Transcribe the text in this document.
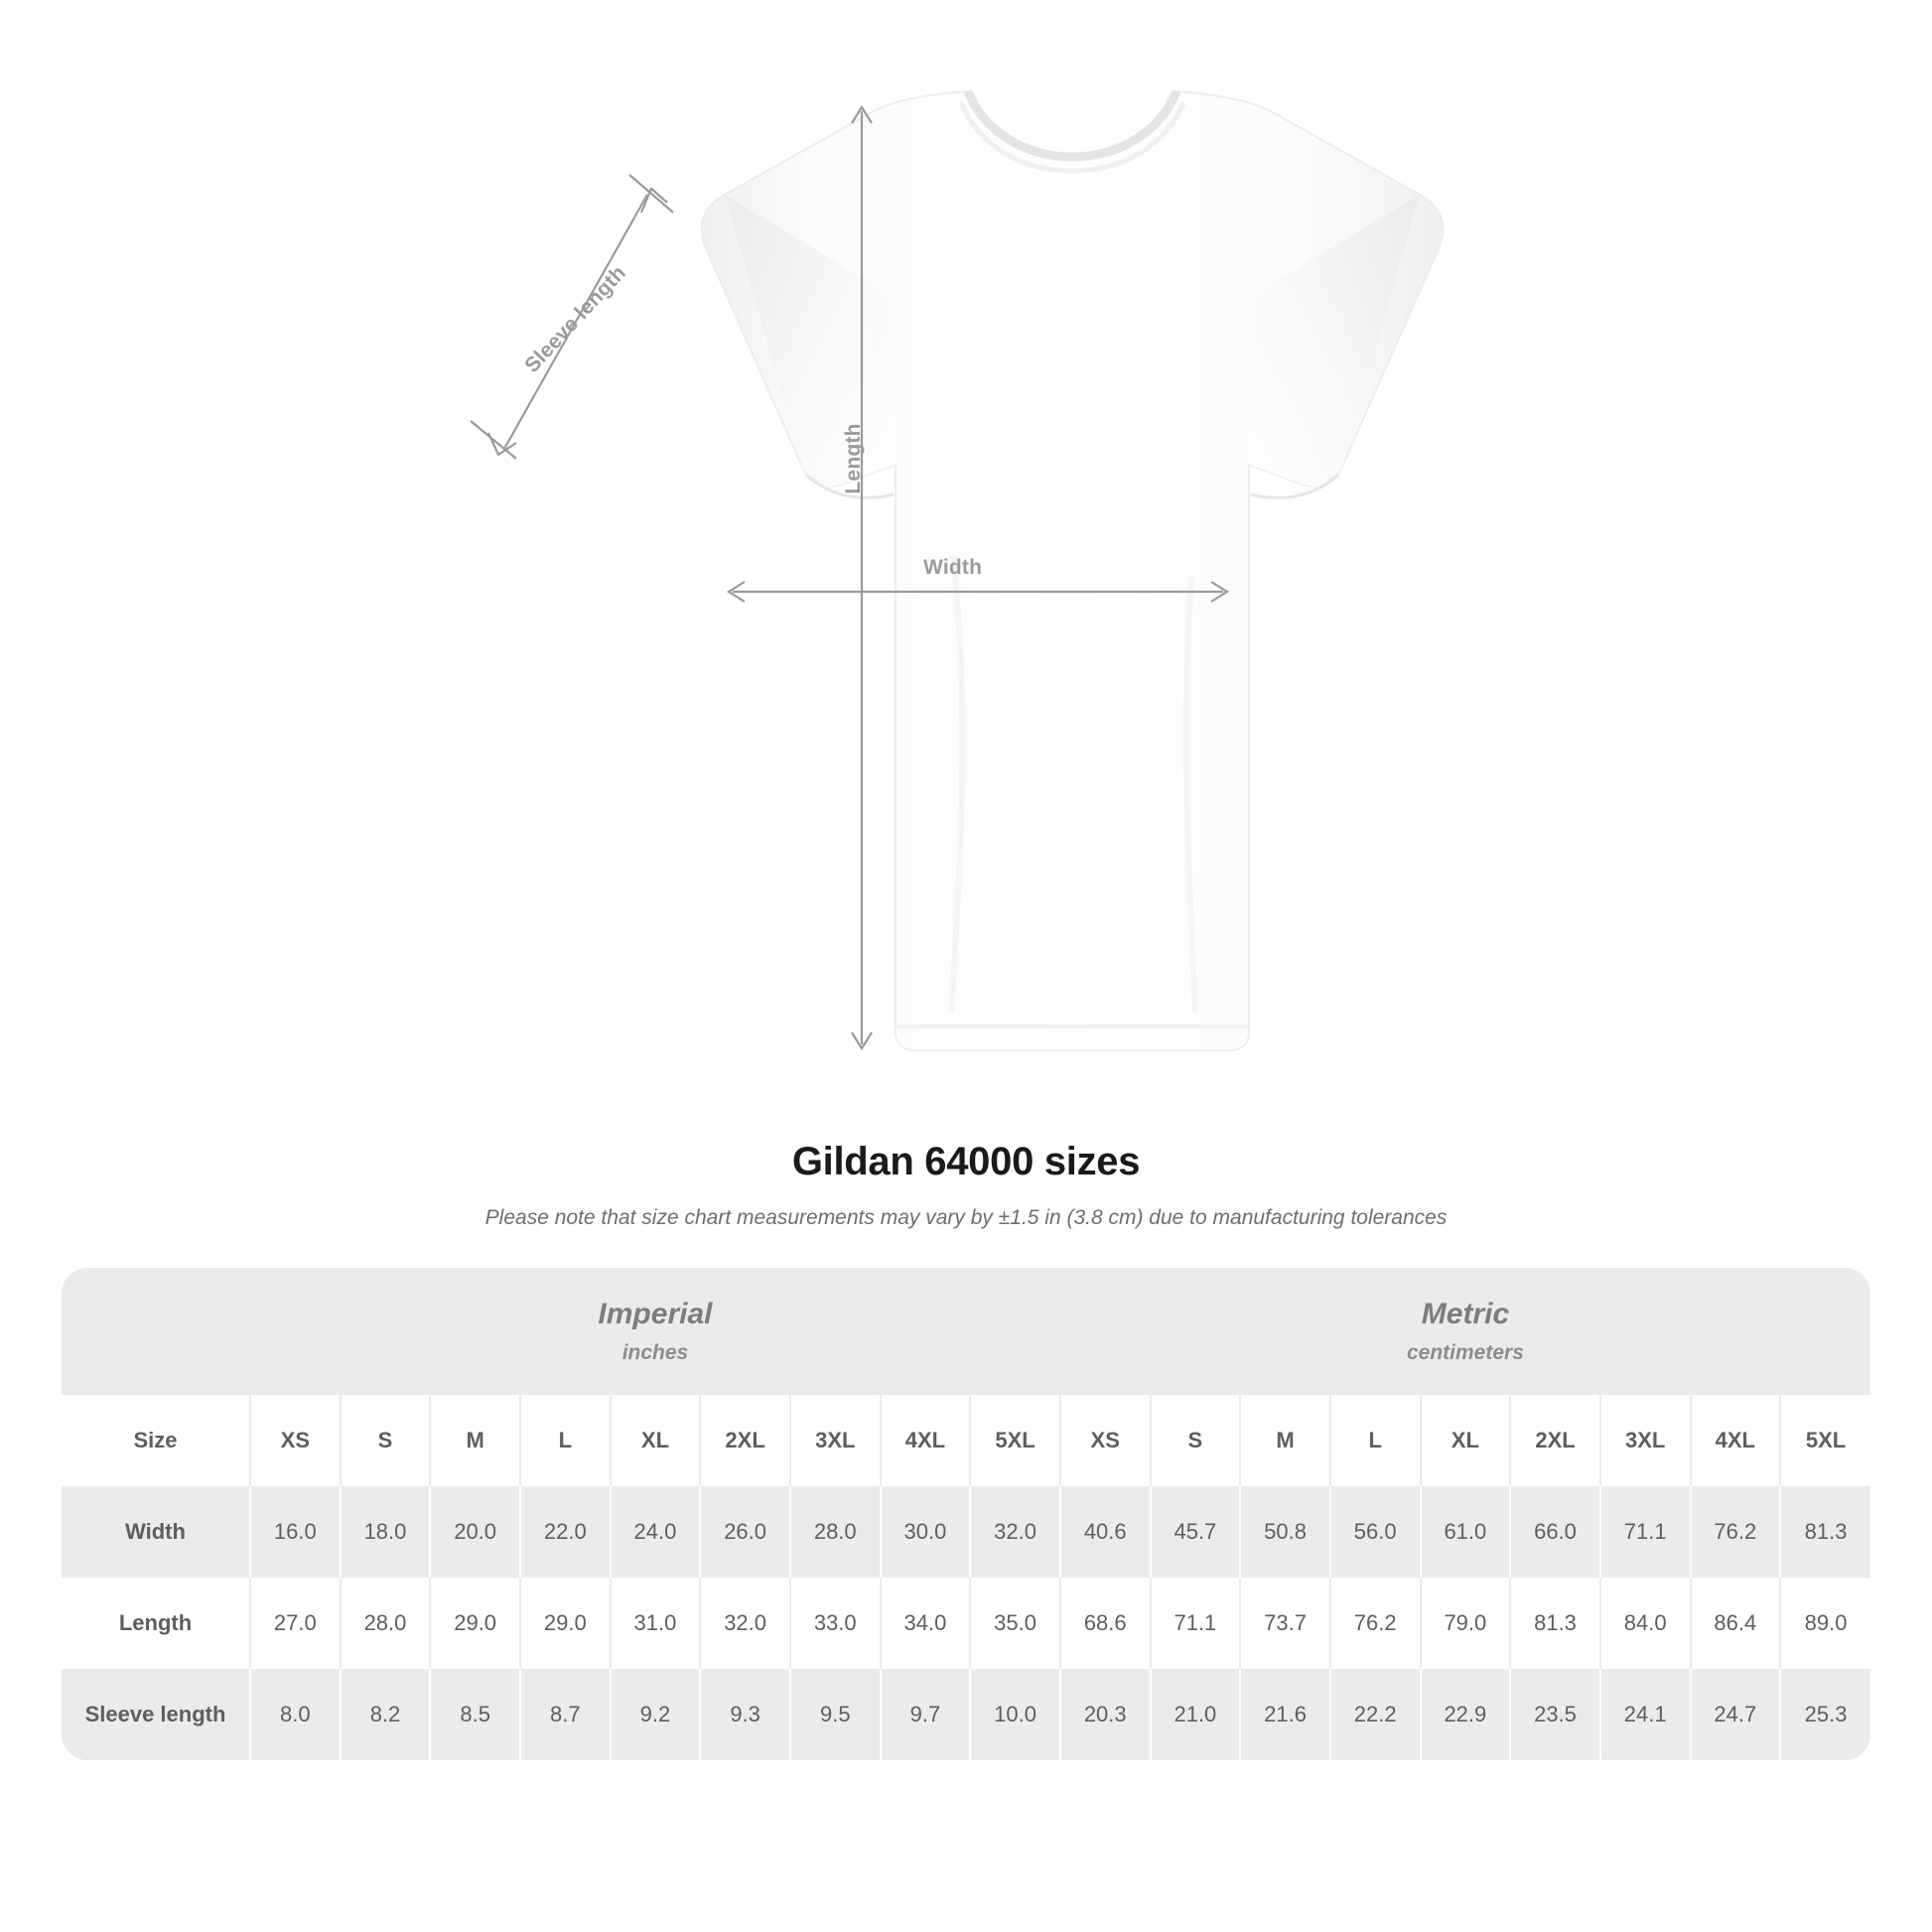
Length
Width
Sleeve length
Gildan 64000 sizes
Please note that size chart measurements may vary by ±1.5 in (3.8 cm) due to manufacturing tolerances

	Imperial
inches									Metric
centimeters								

Size	XS	S	M	L	XL	2XL	3XL	4XL	5XL	XS	S	M	L	XL	2XL	3XL	4XL	5XL
Width	16.0	18.0	20.0	22.0	24.0	26.0	28.0	30.0	32.0	40.6	45.7	50.8	56.0	61.0	66.0	71.1	76.2	81.3
Length	27.0	28.0	29.0	29.0	31.0	32.0	33.0	34.0	35.0	68.6	71.1	73.7	76.2	79.0	81.3	84.0	86.4	89.0
Sleeve length	8.0	8.2	8.5	8.7	9.2	9.3	9.5	9.7	10.0	20.3	21.0	21.6	22.2	22.9	23.5	24.1	24.7	25.3
